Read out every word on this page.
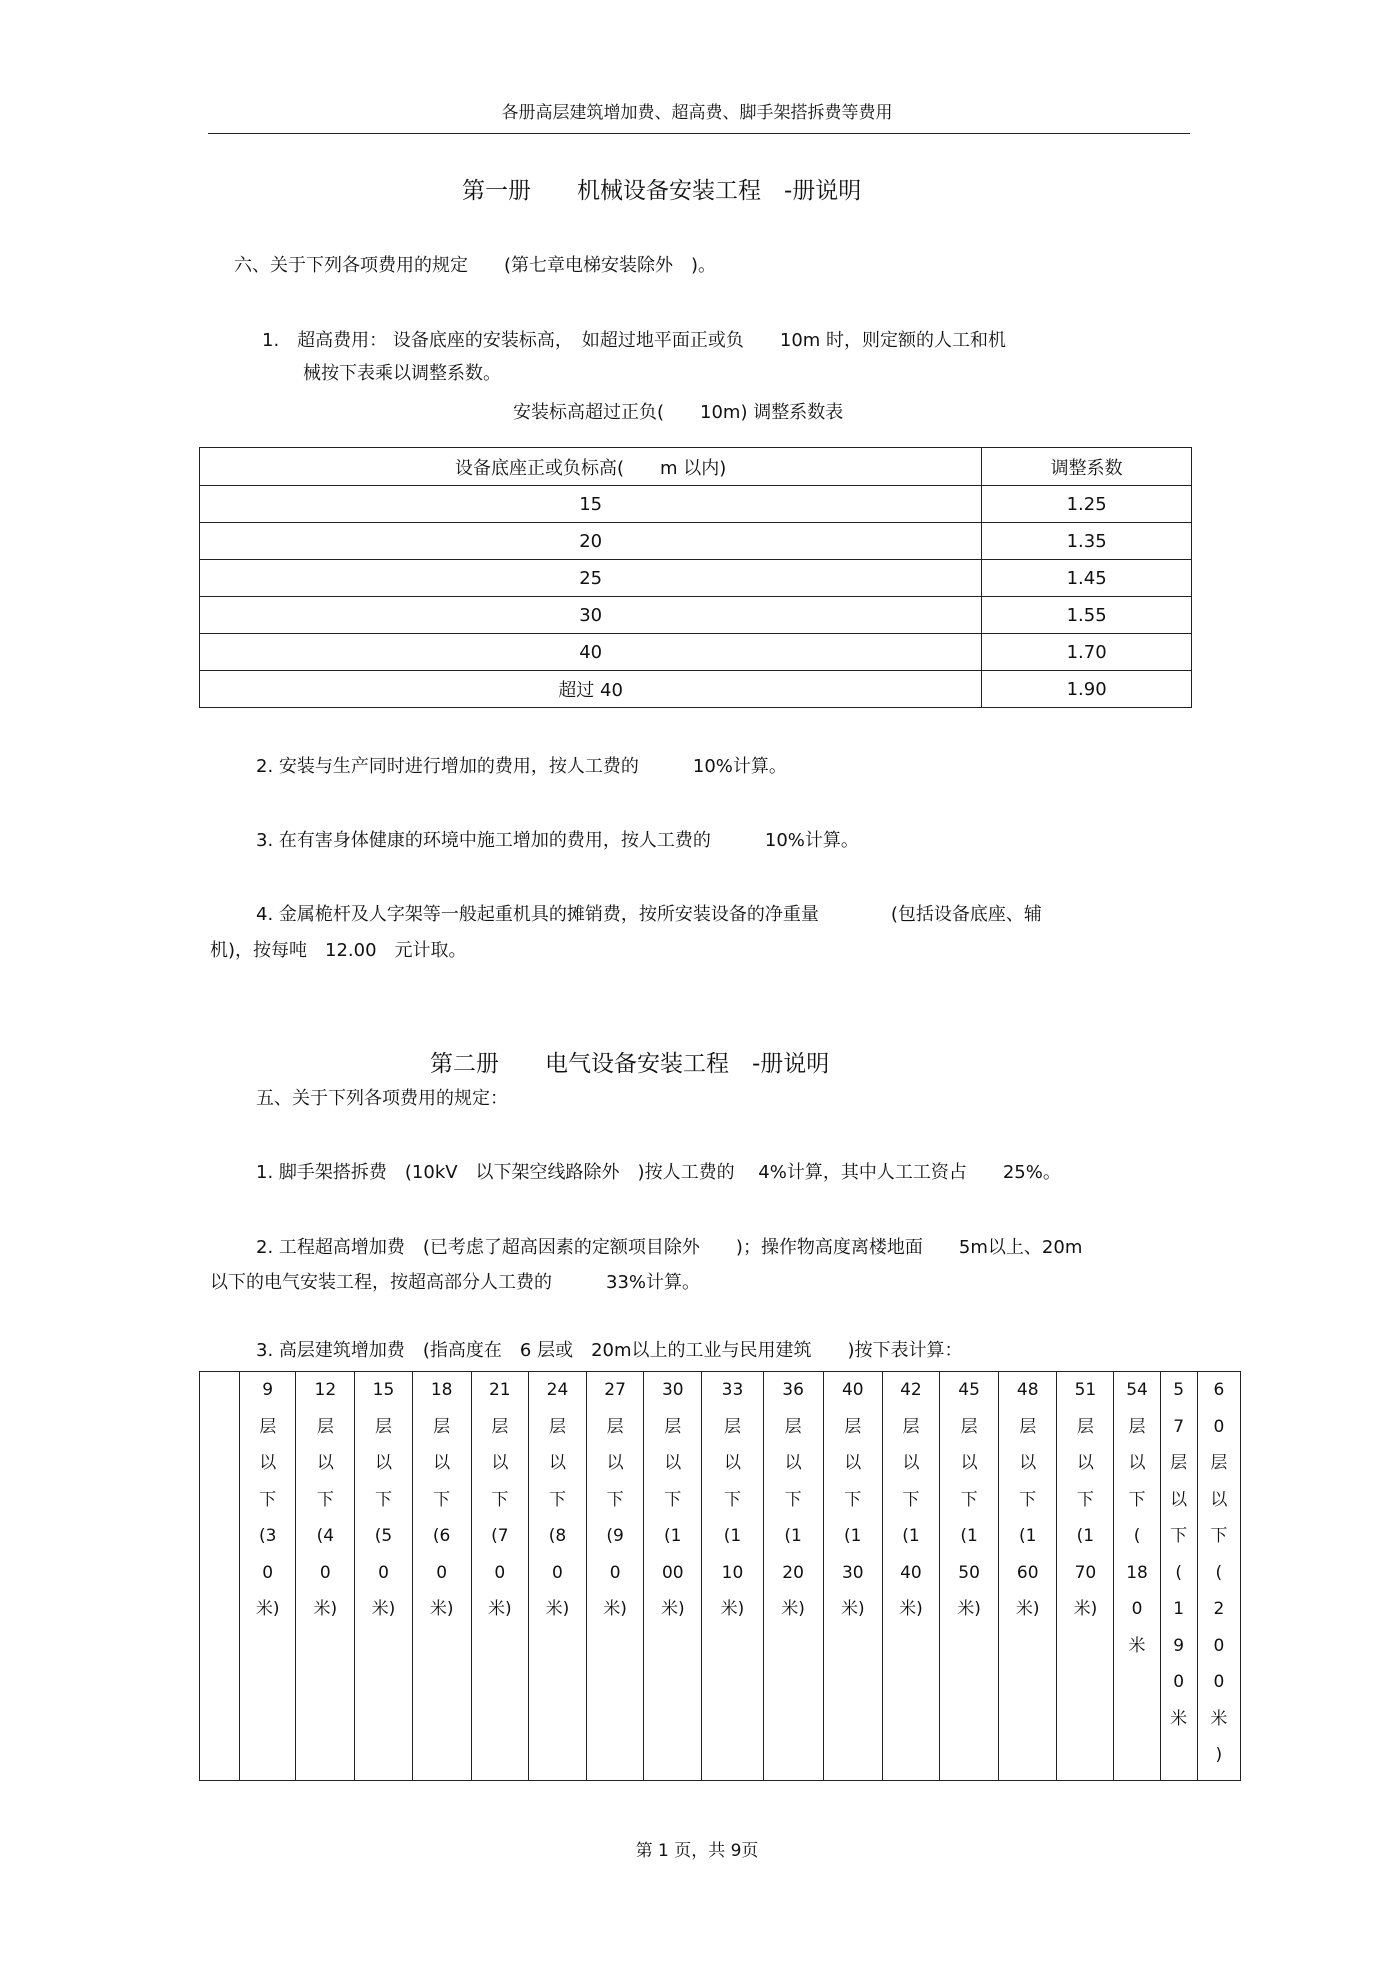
各册高层建筑增加费、超高费、脚手架搭拆费等费用
第一册　　机械设备安装工程　-册说明
六、关于下列各项费用的规定　　(第七章电梯安装除外　)。
1.　超高费用： 设备底座的安装标高，　如超过地平面正或负　　10m 时，则定额的人工和机
械按下表乘以调整系数。
安装标高超过正负(　　10m) 调整系数表
设备底座正或负标高(　　m 以内)	调整系数
15	1.25
20	1.35
25	1.45
30	1.55
40	1.70
超过 40	1.90
2. 安装与生产同时进行增加的费用，按人工费的　　　10%计算。
3. 在有害身体健康的环境中施工增加的费用，按人工费的　　　10%计算。
4. 金属桅杆及人字架等一般起重机具的摊销费，按所安装设备的净重量　　　　(包括设备底座、辅
机)，按每吨　12.00　元计取。
第二册　　电气设备安装工程　-册说明
五、关于下列各项费用的规定：
1. 脚手架搭拆费　(10kV　以下架空线路除外　)按人工费的　 4%计算，其中人工工资占　　25%。
2. 工程超高增加费　(已考虑了超高因素的定额项目除外　　)；操作物高度离楼地面　　5m以上、20m
以下的电气安装工程，按超高部分人工费的　　　33%计算。
3. 高层建筑增加费　(指高度在　6 层或　20m以上的工业与民用建筑　　)按下表计算：

9
层
以
下
(3
0
米)

12
层
以
下
(4
0
米)

15
层
以
下
(5
0
米)

18
层
以
下
(6
0
米)

21
层
以
下
(7
0
米)

24
层
以
下
(8
0
米)

27
层
以
下
(9
0
米)

30
层
以
下
(1
00
米)

33
层
以
下
(1
10
米)

36
层
以
下
(1
20
米)

40
层
以
下
(1
30
米)

42
层
以
下
(1
40
米)

45
层
以
下
(1
50
米)

48
层
以
下
(1
60
米)

51
层
以
下
(1
70
米)

54
层
以
下
(
18
0
米

5
7
层
以
下
(
1
9
0
米

6
0
层
以
下
(
2
0
0
米
)
第 1 页，共 9页
